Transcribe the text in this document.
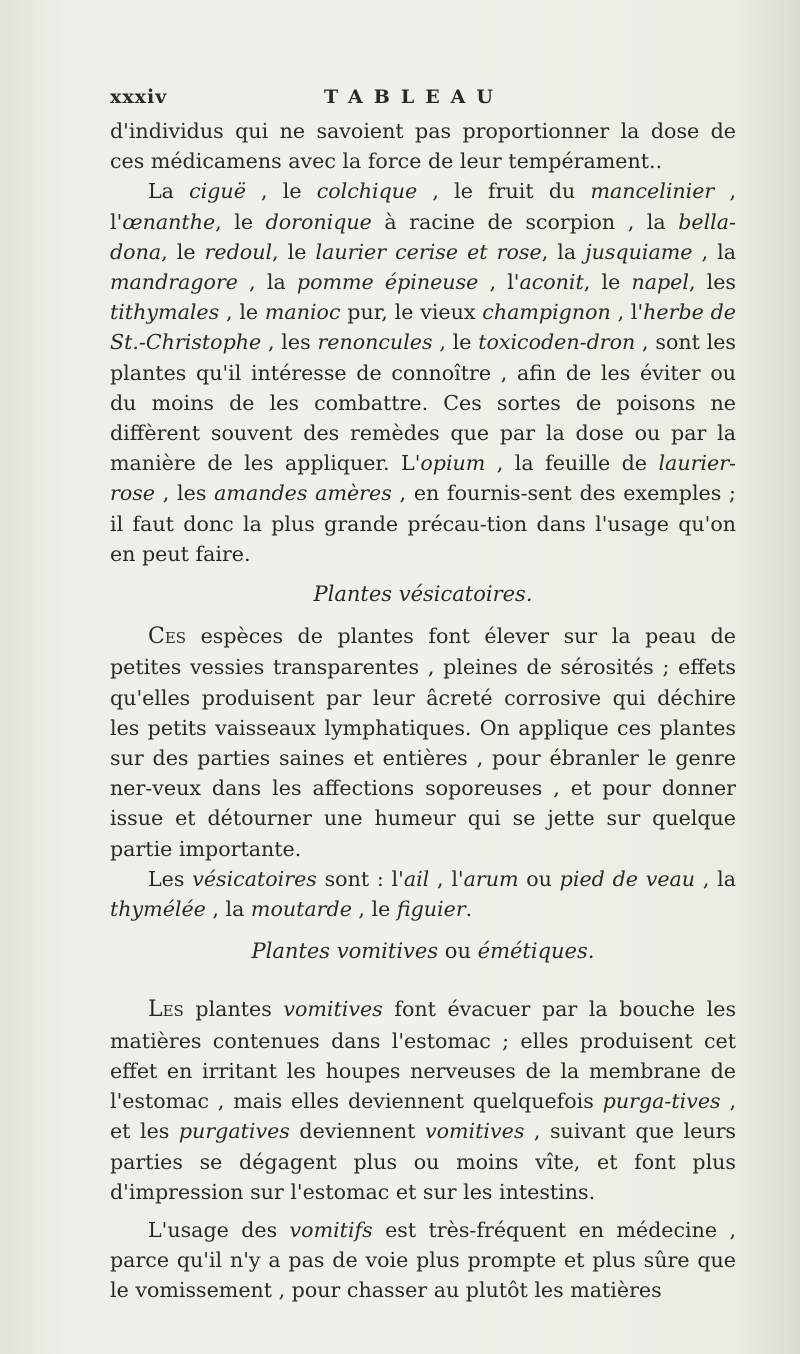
xxxiv	TABLEAU

d'individus qui ne savoient pas proportionner la dose de ces médicamens avec la force de leur tempérament..

La ciguë , le colchique , le fruit du mancelinier , l'œnanthe, le doronique à racine de scorpion , la bella-dona, le redoul, le laurier cerise et rose, la jusquiame , la mandragore , la pomme épineuse , l'aconit, le napel, les tithymales , le manioc pur, le vieux champignon , l'herbe de St.-Christophe , les renoncules , le toxicoden-dron , sont les plantes qu'il intéresse de connoître , afin de les éviter ou du moins de les combattre. Ces sortes de poisons ne diffèrent souvent des remèdes que par la dose ou par la manière de les appliquer. L'opium , la feuille de laurier-rose , les amandes amères , en fournis-sent des exemples ; il faut donc la plus grande précau-tion dans l'usage qu'on en peut faire.

Plantes vésicatoires.

Ces espèces de plantes font élever sur la peau de petites vessies transparentes , pleines de sérosités ; effets qu'elles produisent par leur âcreté corrosive qui déchire les petits vaisseaux lymphatiques. On applique ces plantes sur des parties saines et entières , pour ébranler le genre ner-veux dans les affections soporeuses , et pour donner issue et détourner une humeur qui se jette sur quelque partie importante.

Les vésicatoires sont : l'ail , l'arum ou pied de veau , la thymélée , la moutarde , le figuier.

Plantes vomitives ou émétiques.

Les plantes vomitives font évacuer par la bouche les matières contenues dans l'estomac ; elles produisent cet effet en irritant les houpes nerveuses de la membrane de l'estomac , mais elles deviennent quelquefois purga-tives , et les purgatives deviennent vomitives , suivant que leurs parties se dégagent plus ou moins vîte, et font plus d'impression sur l'estomac et sur les intestins.

L'usage des vomitifs est très-fréquent en médecine , parce qu'il n'y a pas de voie plus prompte et plus sûre que le vomissement , pour chasser au plutôt les matières
